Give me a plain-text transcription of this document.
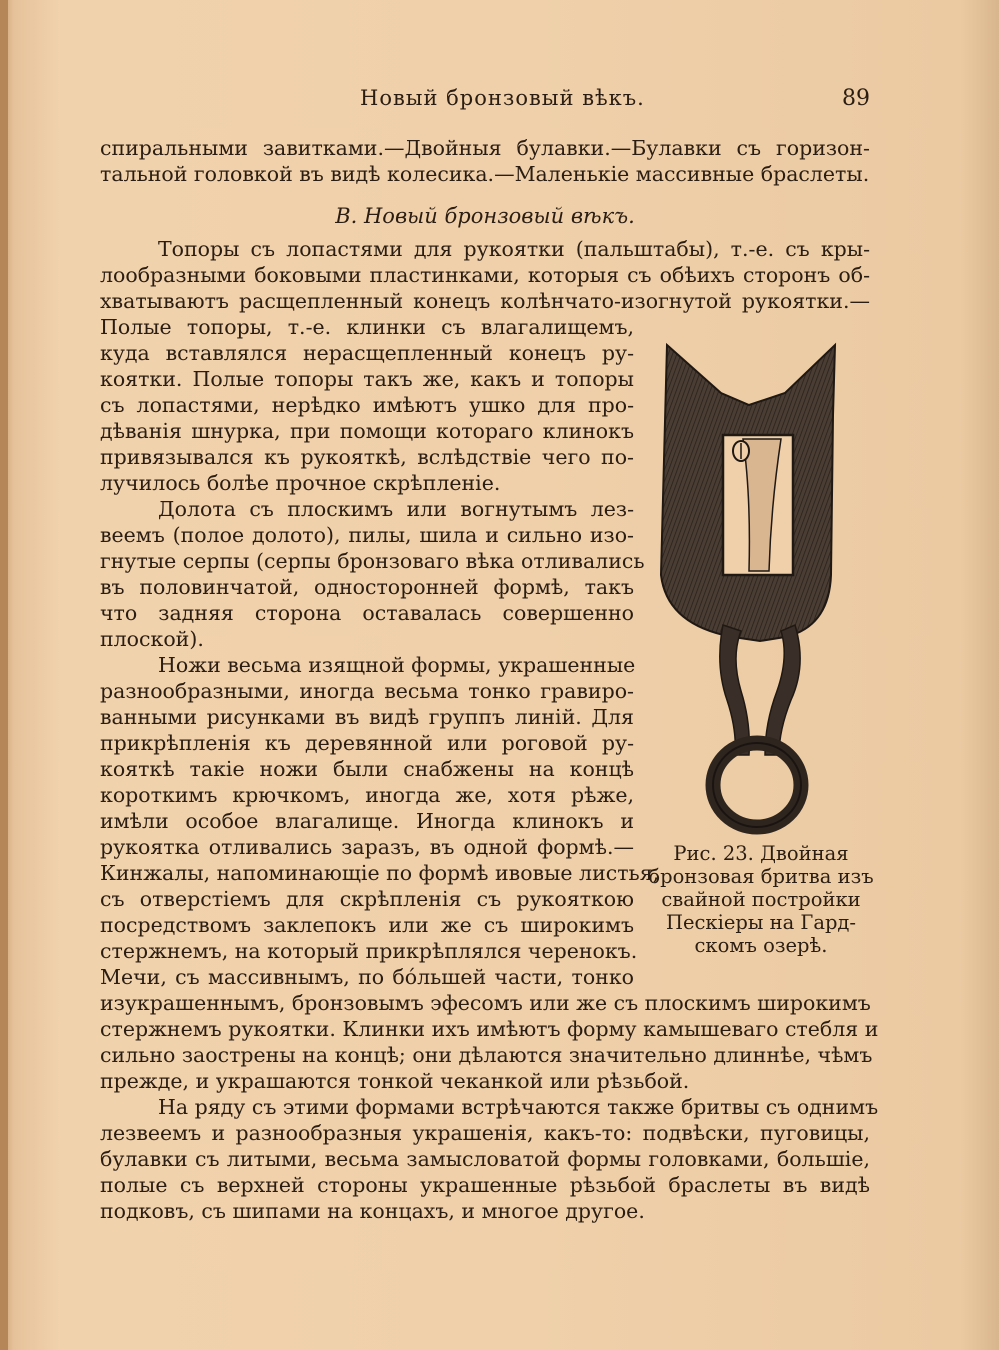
Новый бронзовый вѣкъ.	89
спиральными завитками.—Двойныя булавки.—Булавки съ горизон-
тальной головкой въ видѣ колесика.—Маленькіе массивные браслеты.
B. Новый бронзовый вѣкъ.
Топоры съ лопастями для рукоятки (пальштабы), т.-е. съ кры-
лообразными боковыми пластинками, которыя съ обѣихъ сторонъ об-
хватываютъ расщепленный конецъ колѣнчато-изогнутой рукоятки.—
Полые топоры, т.-е. клинки съ влагалищемъ,
куда вставлялся нерасщепленный конецъ ру-
коятки. Полые топоры такъ же, какъ и топоры
съ лопастями, нерѣдко имѣютъ ушко для про-
дѣванія шнурка, при помощи котораго клинокъ
привязывался къ рукояткѣ, вслѣдствіе чего по-
лучилось болѣе прочное скрѣпленіе.
Долота съ плоскимъ или вогнутымъ лез-
веемъ (полое долото), пилы, шила и сильно изо-
гнутые серпы (серпы бронзоваго вѣка отливались
въ половинчатой, односторонней формѣ, такъ
что задняя сторона оставалась совершенно
плоской).
Ножи весьма изящной формы, украшенные
разнообразными, иногда весьма тонко гравиро-
ванными рисунками въ видѣ группъ линій. Для
прикрѣпленія къ деревянной или роговой ру-
кояткѣ такіе ножи были снабжены на концѣ
короткимъ крючкомъ, иногда же, хотя рѣже,
имѣли особое влагалище. Иногда клинокъ и
рукоятка отливались заразъ, въ одной формѣ.—
Кинжалы, напоминающіе по формѣ ивовые листья,
съ отверстіемъ для скрѣпленія съ рукояткою
посредствомъ заклепокъ или же съ широкимъ
стержнемъ, на который прикрѣплялся черенокъ.
Мечи, съ массивнымъ, по бо́льшей части, тонко
изукрашеннымъ, бронзовымъ эфесомъ или же съ плоскимъ широкимъ
стержнемъ рукоятки. Клинки ихъ имѣютъ форму камышеваго стебля и
сильно заострены на концѣ; они дѣлаются значительно длиннѣе, чѣмъ
прежде, и украшаются тонкой чеканкой или рѣзьбой.
На ряду съ этими формами встрѣчаются также бритвы съ однимъ
лезвеемъ и разнообразныя украшенія, какъ-то: подвѣски, пуговицы,
булавки съ литыми, весьма замысловатой формы головками, большіе,
полые съ верхней стороны украшенные рѣзьбой браслеты въ видѣ
подковъ, съ шипами на концахъ, и многое другое.
Рис. 23. Двойная
бронзовая бритва изъ
свайной постройки
Пескіеры на Гард-
скомъ озерѣ.
